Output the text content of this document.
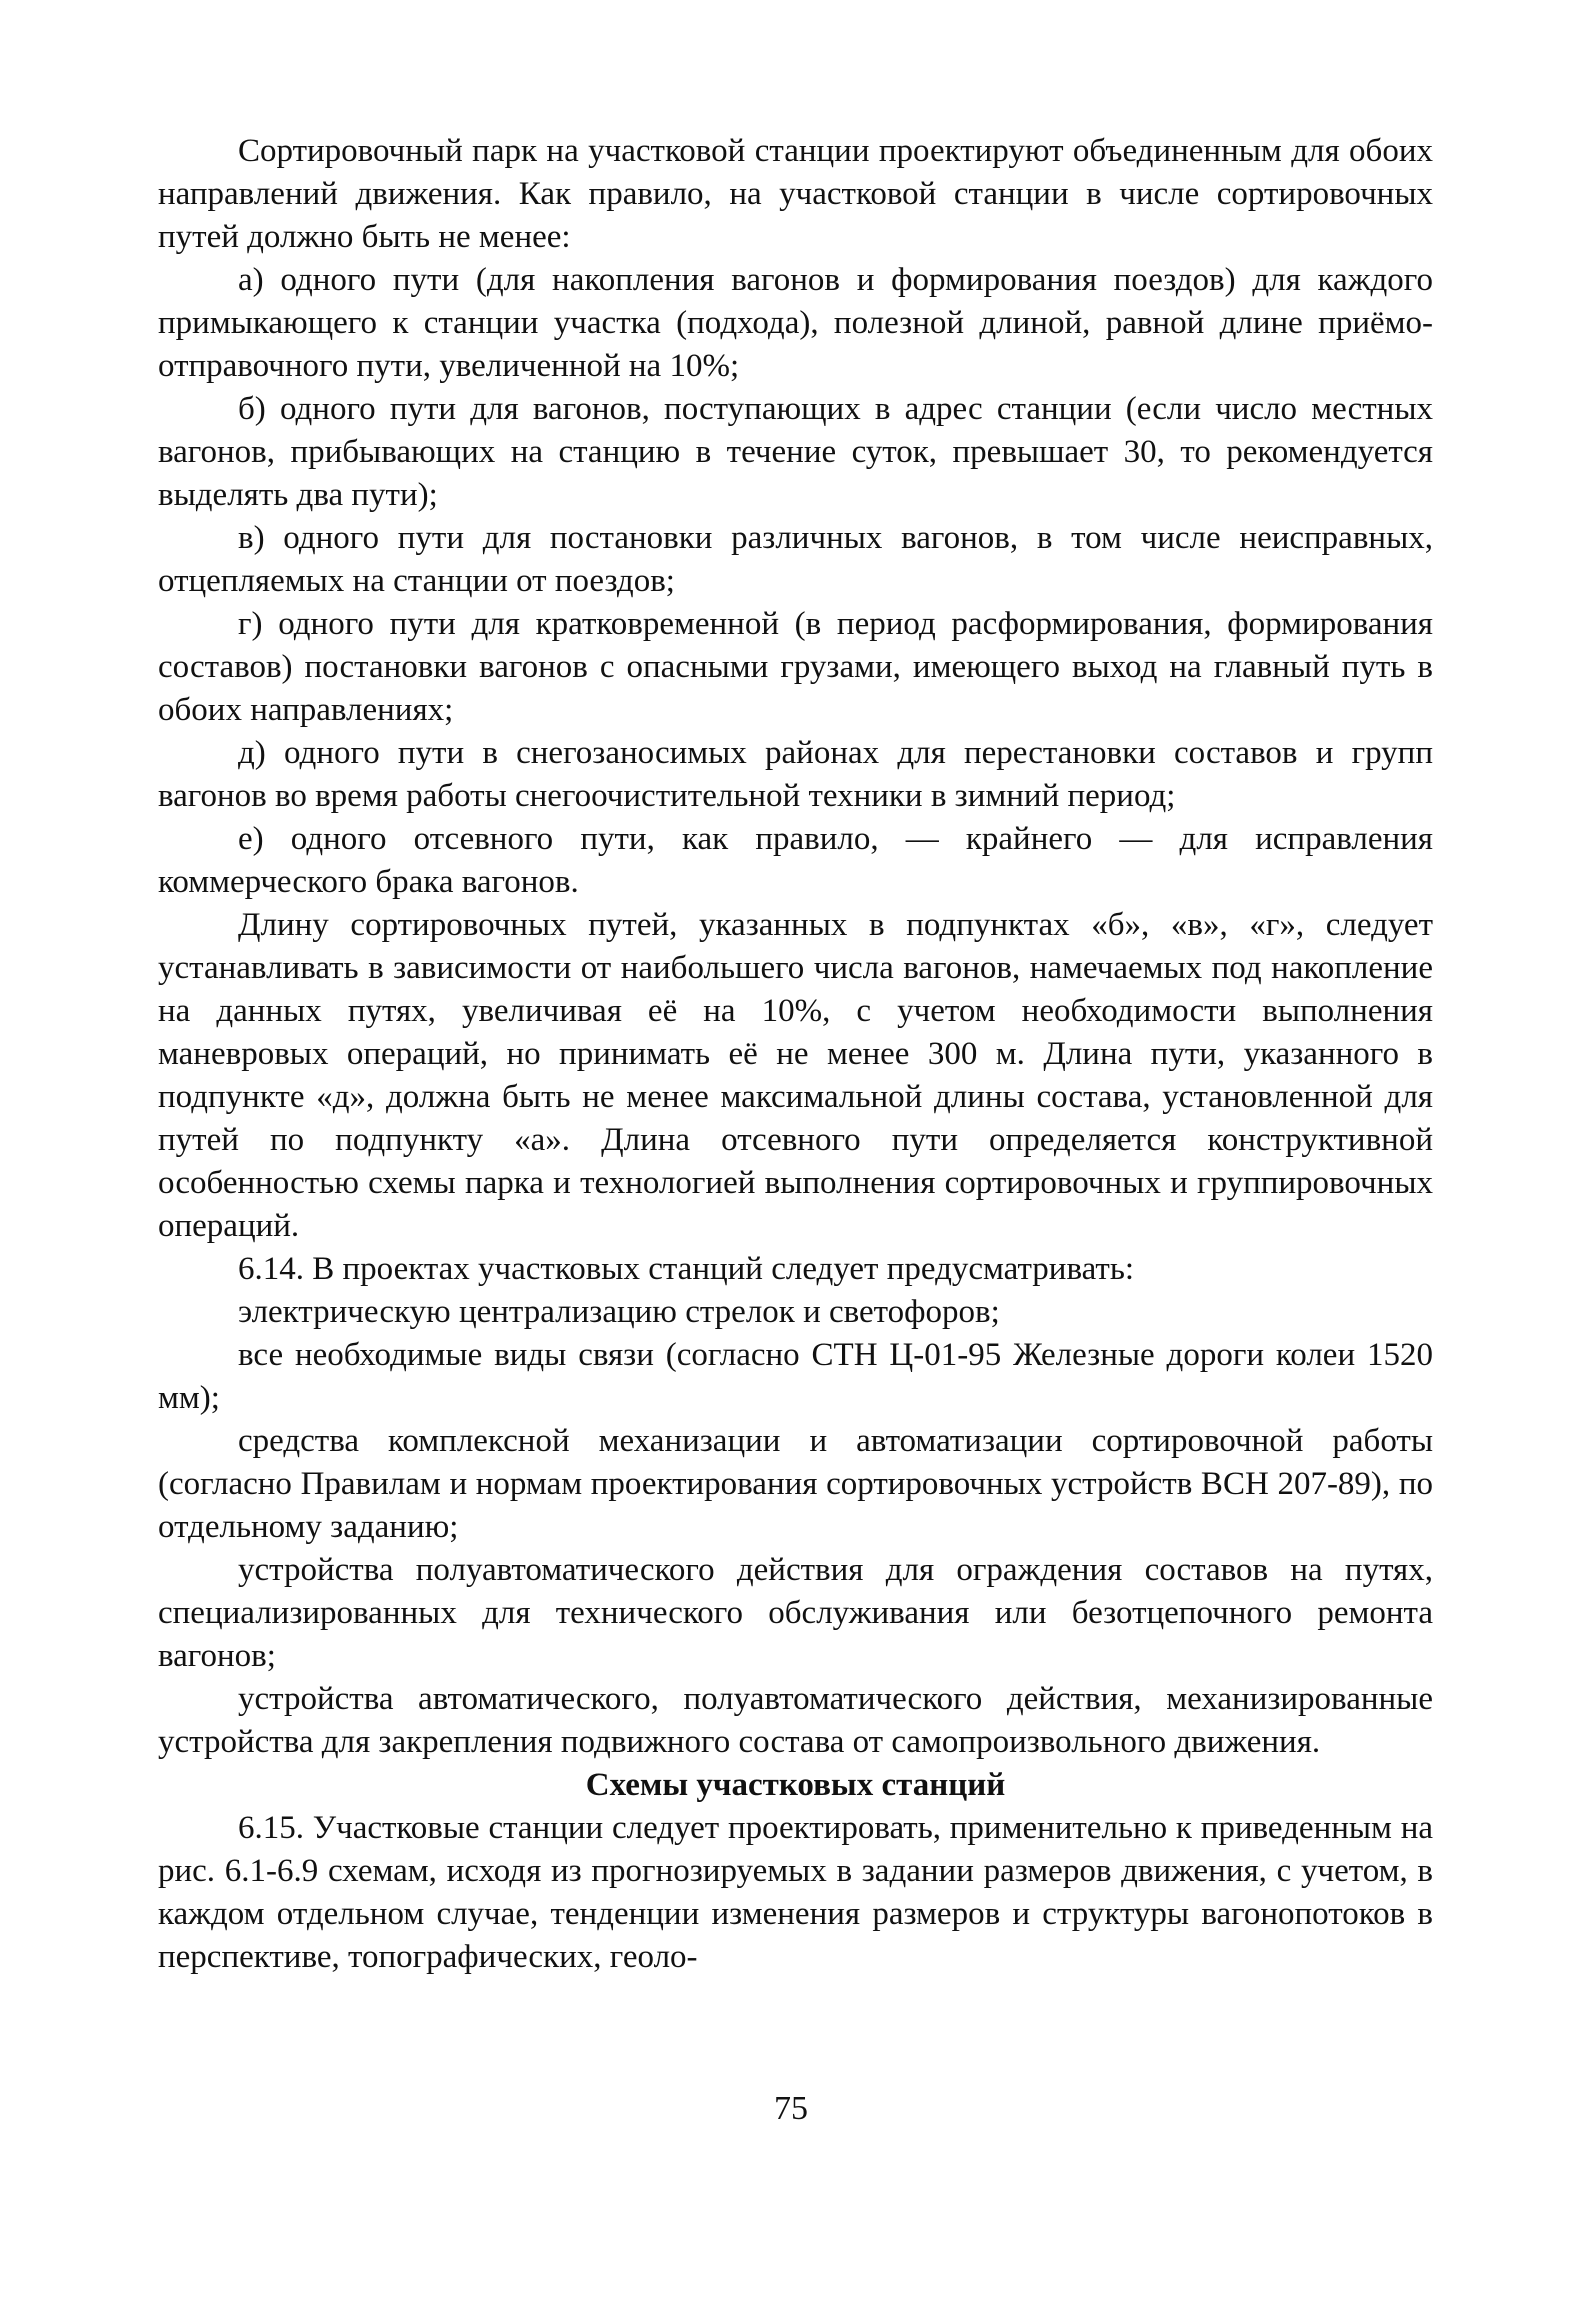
Сортировочный парк на участковой станции проектируют объединенным для обоих направлений движения. Как правило, на участковой станции в числе сортировочных путей должно быть не менее:

а) одного пути (для накопления вагонов и формирования поездов) для каждого примыкающего к станции участка (подхода), полезной длиной, равной длине приёмо-отправочного пути, увеличенной на 10%;

б) одного пути для вагонов, поступающих в адрес станции (если число местных вагонов, прибывающих на станцию в течение суток, превышает 30, то рекомендуется выделять два пути);

в) одного пути для постановки различных вагонов, в том числе неисправных, отцепляемых на станции от поездов;

г) одного пути для кратковременной (в период расформирования, формирования составов) постановки вагонов с опасными грузами, имеющего выход на главный путь в обоих направлениях;

д) одного пути в снегозаносимых районах для перестановки составов и групп вагонов во время работы снегоочистительной техники в зимний период;

е) одного отсевного пути, как правило, — крайнего — для исправления коммерческого брака вагонов.

Длину сортировочных путей, указанных в подпунктах «б», «в», «г», следует устанавливать в зависимости от наибольшего числа вагонов, намечаемых под накопление на данных путях, увеличивая её на 10%, с учетом необходимости выполнения маневровых операций, но принимать её не менее 300 м. Длина пути, указанного в подпункте «д», должна быть не менее максимальной длины состава, установленной для путей по подпункту «а». Длина отсевного пути определяется конструктивной особенностью схемы парка и технологией выполнения сортировочных и группировочных операций.

6.14. В проектах участковых станций следует предусматривать:

электрическую централизацию стрелок и светофоров;

все необходимые виды связи (согласно СТН Ц-01-95 Железные дороги колеи 1520 мм);

средства комплексной механизации и автоматизации сортировочной работы (согласно Правилам и нормам проектирования сортировочных устройств ВСН 207-89), по отдельному заданию;

устройства полуавтоматического действия для ограждения составов на путях, специализированных для технического обслуживания или безотцепочного ремонта вагонов;

устройства автоматического, полуавтоматического действия, механизированные устройства для закрепления подвижного состава от самопроизвольного движения.

Схемы участковых станций

6.15. Участковые станции следует проектировать, применительно к приведенным на рис. 6.1-6.9 схемам, исходя из прогнозируемых в задании размеров движения, с учетом, в каждом отдельном случае, тенденции изменения размеров и структуры вагонопотоков в перспективе, топографических, геоло-

75
